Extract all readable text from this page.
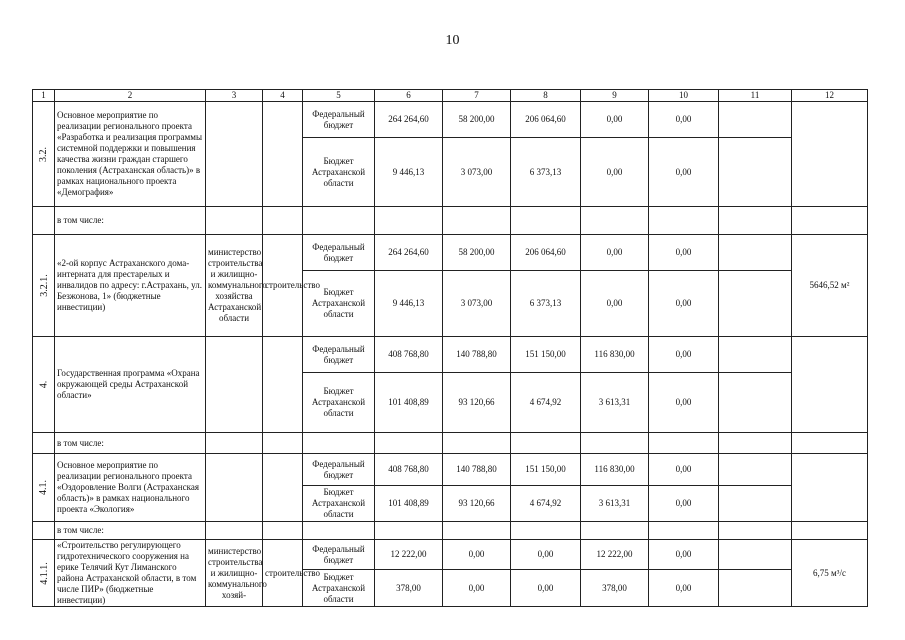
10
1	2	3	4	5	6	7	8	9	10	11	12
3.2.	Основное мероприятие по реализации регионального проекта «Разработка и реализация программы системной поддержки и повышения качества жизни граждан старшего поколения (Астраханская область)» в рамках национального проекта «Демография»			Федеральный бюджет	264 264,60	58 200,00	206 064,60	0,00	0,00		
				Бюджет Астраханской области	9 446,13	3 073,00	6 373,13	0,00	0,00		
	в том числе:										
3.2.1.	«2-ой корпус Астраханского дома-интерната для престарелых и инвалидов по адресу: г.Астрахань, ул. Безжонова, 1» (бюджетные инвестиции)	министерство строительства и жилищно-коммунального хозяйства Астраханской области	строительство	Федеральный бюджет	264 264,60	58 200,00	206 064,60	0,00	0,00		5646,52 м²
				Бюджет Астраханской области	9 446,13	3 073,00	6 373,13	0,00	0,00		
4.	Государственная программа «Охрана окружающей среды Астраханской области»			Федеральный бюджет	408 768,80	140 788,80	151 150,00	116 830,00	0,00		
				Бюджет Астраханской области	101 408,89	93 120,66	4 674,92	3 613,31	0,00		
	в том числе:										
4.1.	Основное мероприятие по реализации регионального проекта «Оздоровление Волги (Астраханская область)» в рамках национального проекта «Экология»			Федеральный бюджет	408 768,80	140 788,80	151 150,00	116 830,00	0,00		
				Бюджет Астраханской области	101 408,89	93 120,66	4 674,92	3 613,31	0,00		
	в том числе:										
4.1.1.	«Строительство регулирующего гидротехнического сооружения на ерике Телячий Кут Лиманского района Астраханской области, в том числе ПИР» (бюджетные инвестиции)	министерство строительства и жилищно-коммунального хозяй-	строительство	Федеральный бюджет	12 222,00	0,00	0,00	12 222,00	0,00		6,75 м³/с
				Бюджет Астраханской области	378,00	0,00	0,00	378,00	0,00		
